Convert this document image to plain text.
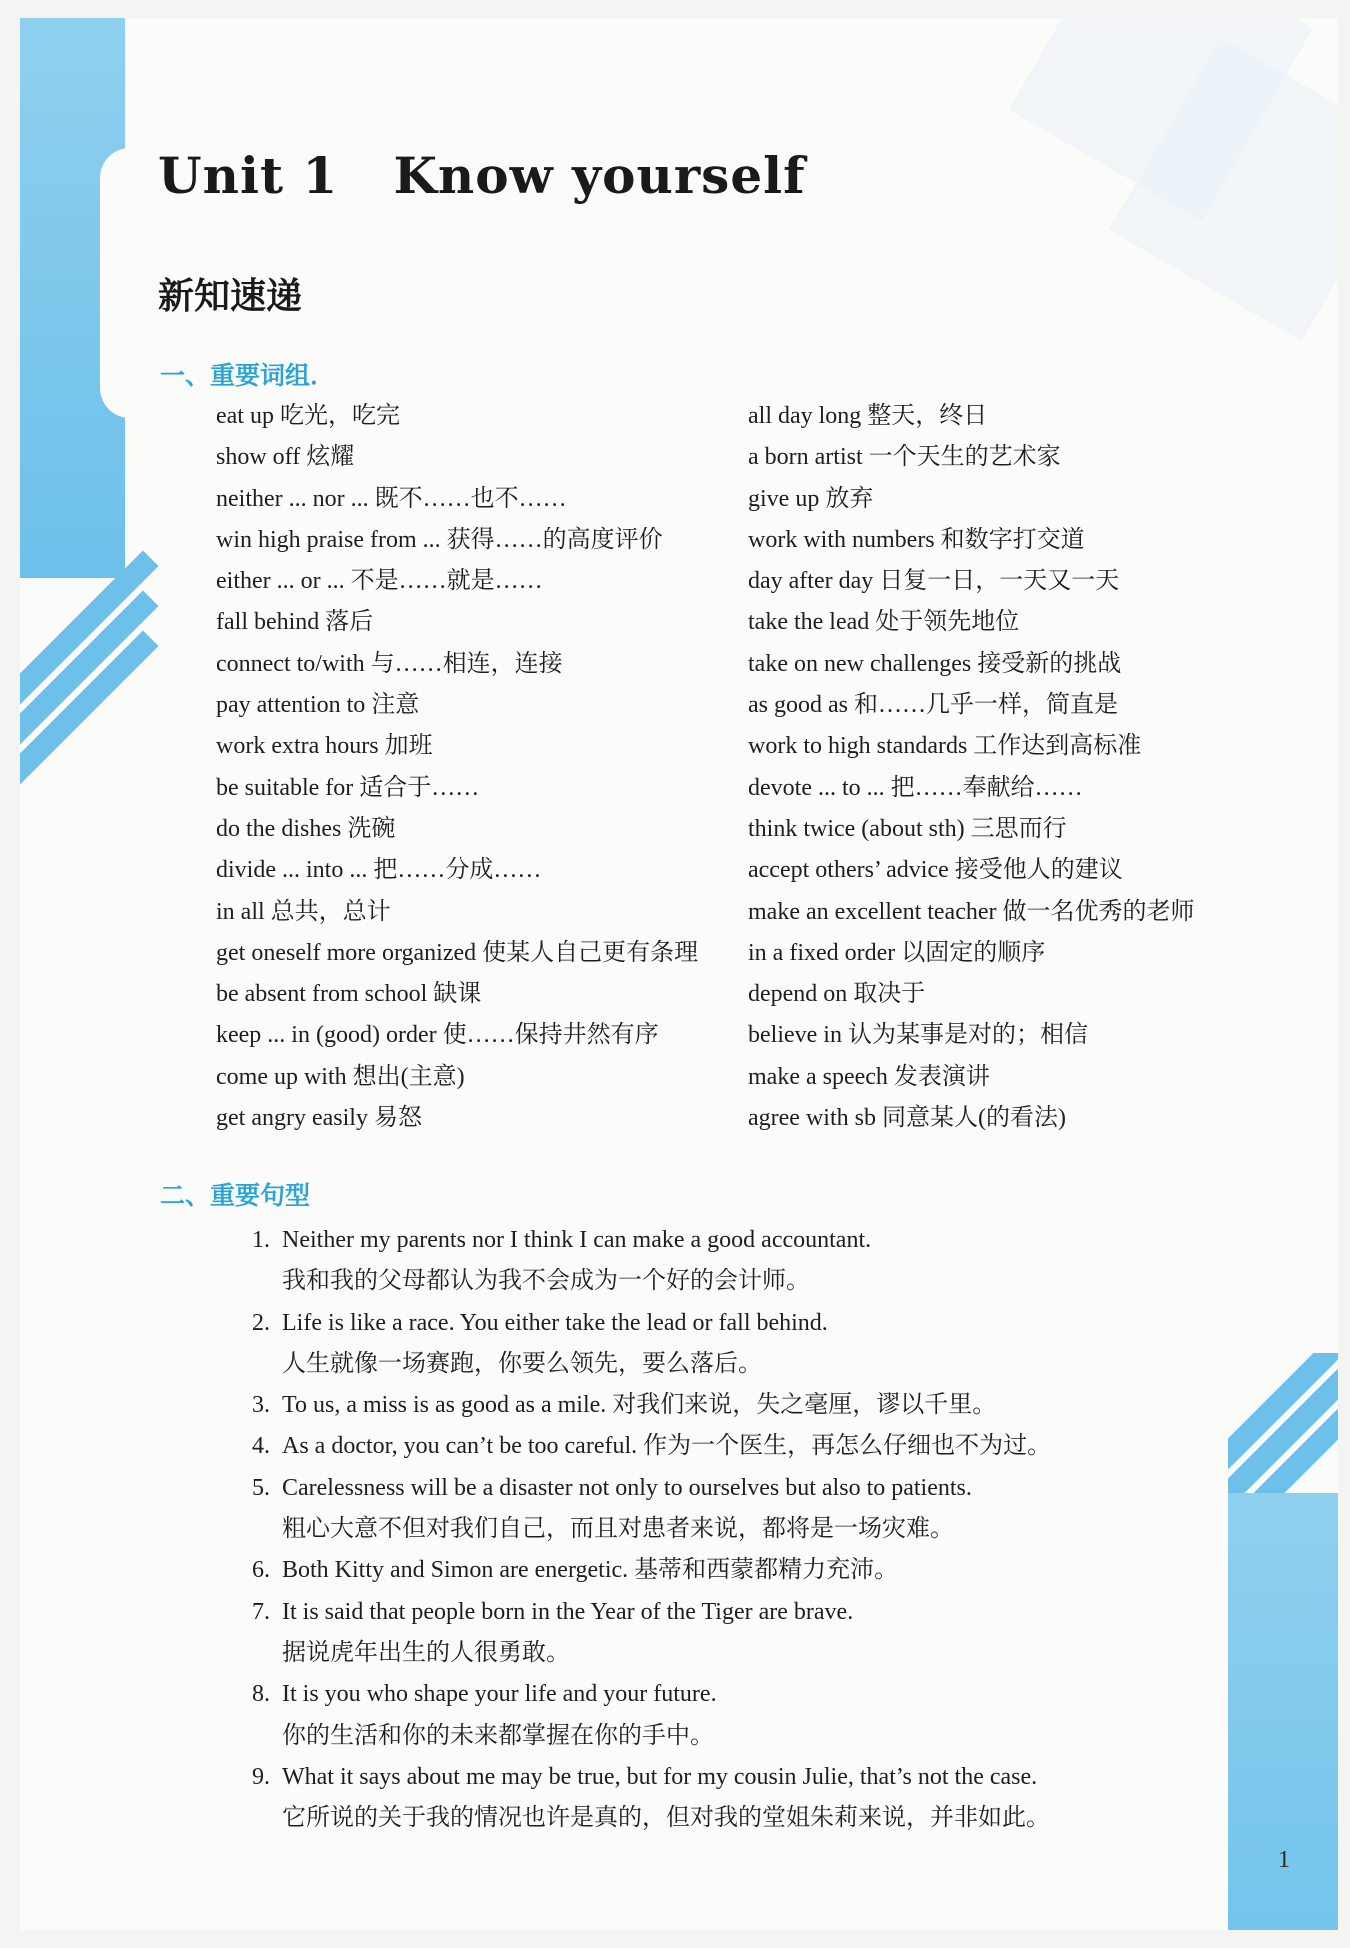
Unit 1   Know yourself
新知速递
一、重要词组．
eat up 吃光，吃完
show off 炫耀
neither ... nor ... 既不……也不……
win high praise from ... 获得……的高度评价
either ... or ... 不是……就是……
fall behind 落后
connect to/with 与……相连，连接
pay attention to 注意
work extra hours 加班
be suitable for 适合于……
do the dishes 洗碗
divide ... into ... 把……分成……
in all 总共，总计
get oneself more organized 使某人自己更有条理
be absent from school 缺课
keep ... in (good) order 使……保持井然有序
come up with 想出(主意)
get angry easily 易怒
all day long 整天，终日
a born artist 一个天生的艺术家
give up 放弃
work with numbers 和数字打交道
day after day 日复一日，一天又一天
take the lead 处于领先地位
take on new challenges 接受新的挑战
as good as 和……几乎一样，简直是
work to high standards 工作达到高标准
devote ... to ... 把……奉献给……
think twice (about sth) 三思而行
accept others’ advice 接受他人的建议
make an excellent teacher 做一名优秀的老师
in a fixed order 以固定的顺序
depend on 取决于
believe in 认为某事是对的；相信
make a speech 发表演讲
agree with sb 同意某人(的看法)
二、重要句型
1. Neither my parents nor I think I can make a good accountant.
我和我的父母都认为我不会成为一个好的会计师。
2. Life is like a race. You either take the lead or fall behind.
人生就像一场赛跑，你要么领先，要么落后。
3. To us, a miss is as good as a mile. 对我们来说，失之毫厘，谬以千里。
4. As a doctor, you can’t be too careful. 作为一个医生，再怎么仔细也不为过。
5. Carelessness will be a disaster not only to ourselves but also to patients.
粗心大意不但对我们自己，而且对患者来说，都将是一场灾难。
6. Both Kitty and Simon are energetic. 基蒂和西蒙都精力充沛。
7. It is said that people born in the Year of the Tiger are brave.
据说虎年出生的人很勇敢。
8. It is you who shape your life and your future.
你的生活和你的未来都掌握在你的手中。
9. What it says about me may be true, but for my cousin Julie, that’s not the case.
它所说的关于我的情况也许是真的，但对我的堂姐朱莉来说，并非如此。
1
